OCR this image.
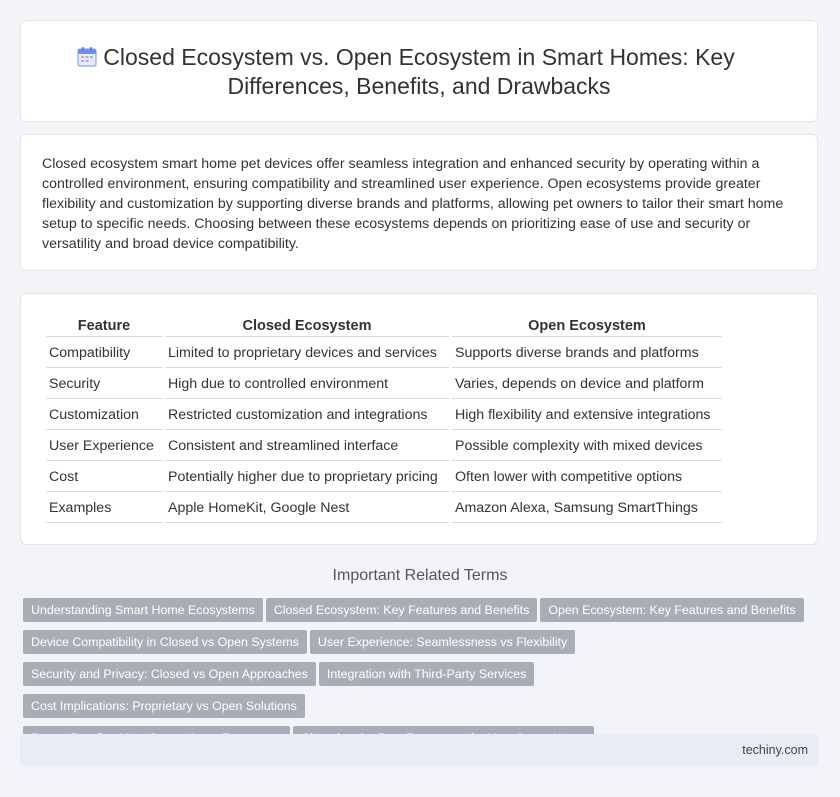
Closed Ecosystem vs. Open Ecosystem in Smart Homes: Key Differences, Benefits, and Drawbacks

Closed ecosystem smart home pet devices offer seamless integration and enhanced security by operating within a controlled environment, ensuring compatibility and streamlined user experience. Open ecosystems provide greater flexibility and customization by supporting diverse brands and platforms, allowing pet owners to tailor their smart home setup to specific needs. Choosing between these ecosystems depends on prioritizing ease of use and security or versatility and broad device compatibility.

Feature	Closed Ecosystem	Open Ecosystem
Compatibility	Limited to proprietary devices and services	Supports diverse brands and platforms
Security	High due to controlled environment	Varies, depends on device and platform
Customization	Restricted customization and integrations	High flexibility and extensive integrations
User Experience	Consistent and streamlined interface	Possible complexity with mixed devices
Cost	Potentially higher due to proprietary pricing	Often lower with competitive options
Examples	Apple HomeKit, Google Nest	Amazon Alexa, Samsung SmartThings
Important Related Terms
Understanding Smart Home Ecosystems Closed Ecosystem: Key Features and Benefits Open Ecosystem: Key Features and Benefits
Device Compatibility in Closed vs Open Systems User Experience: Seamlessness vs Flexibility
Security and Privacy: Closed vs Open Approaches Integration with Third-Party ServicesCost Implications: Proprietary vs Open Solutions

techiny.com
